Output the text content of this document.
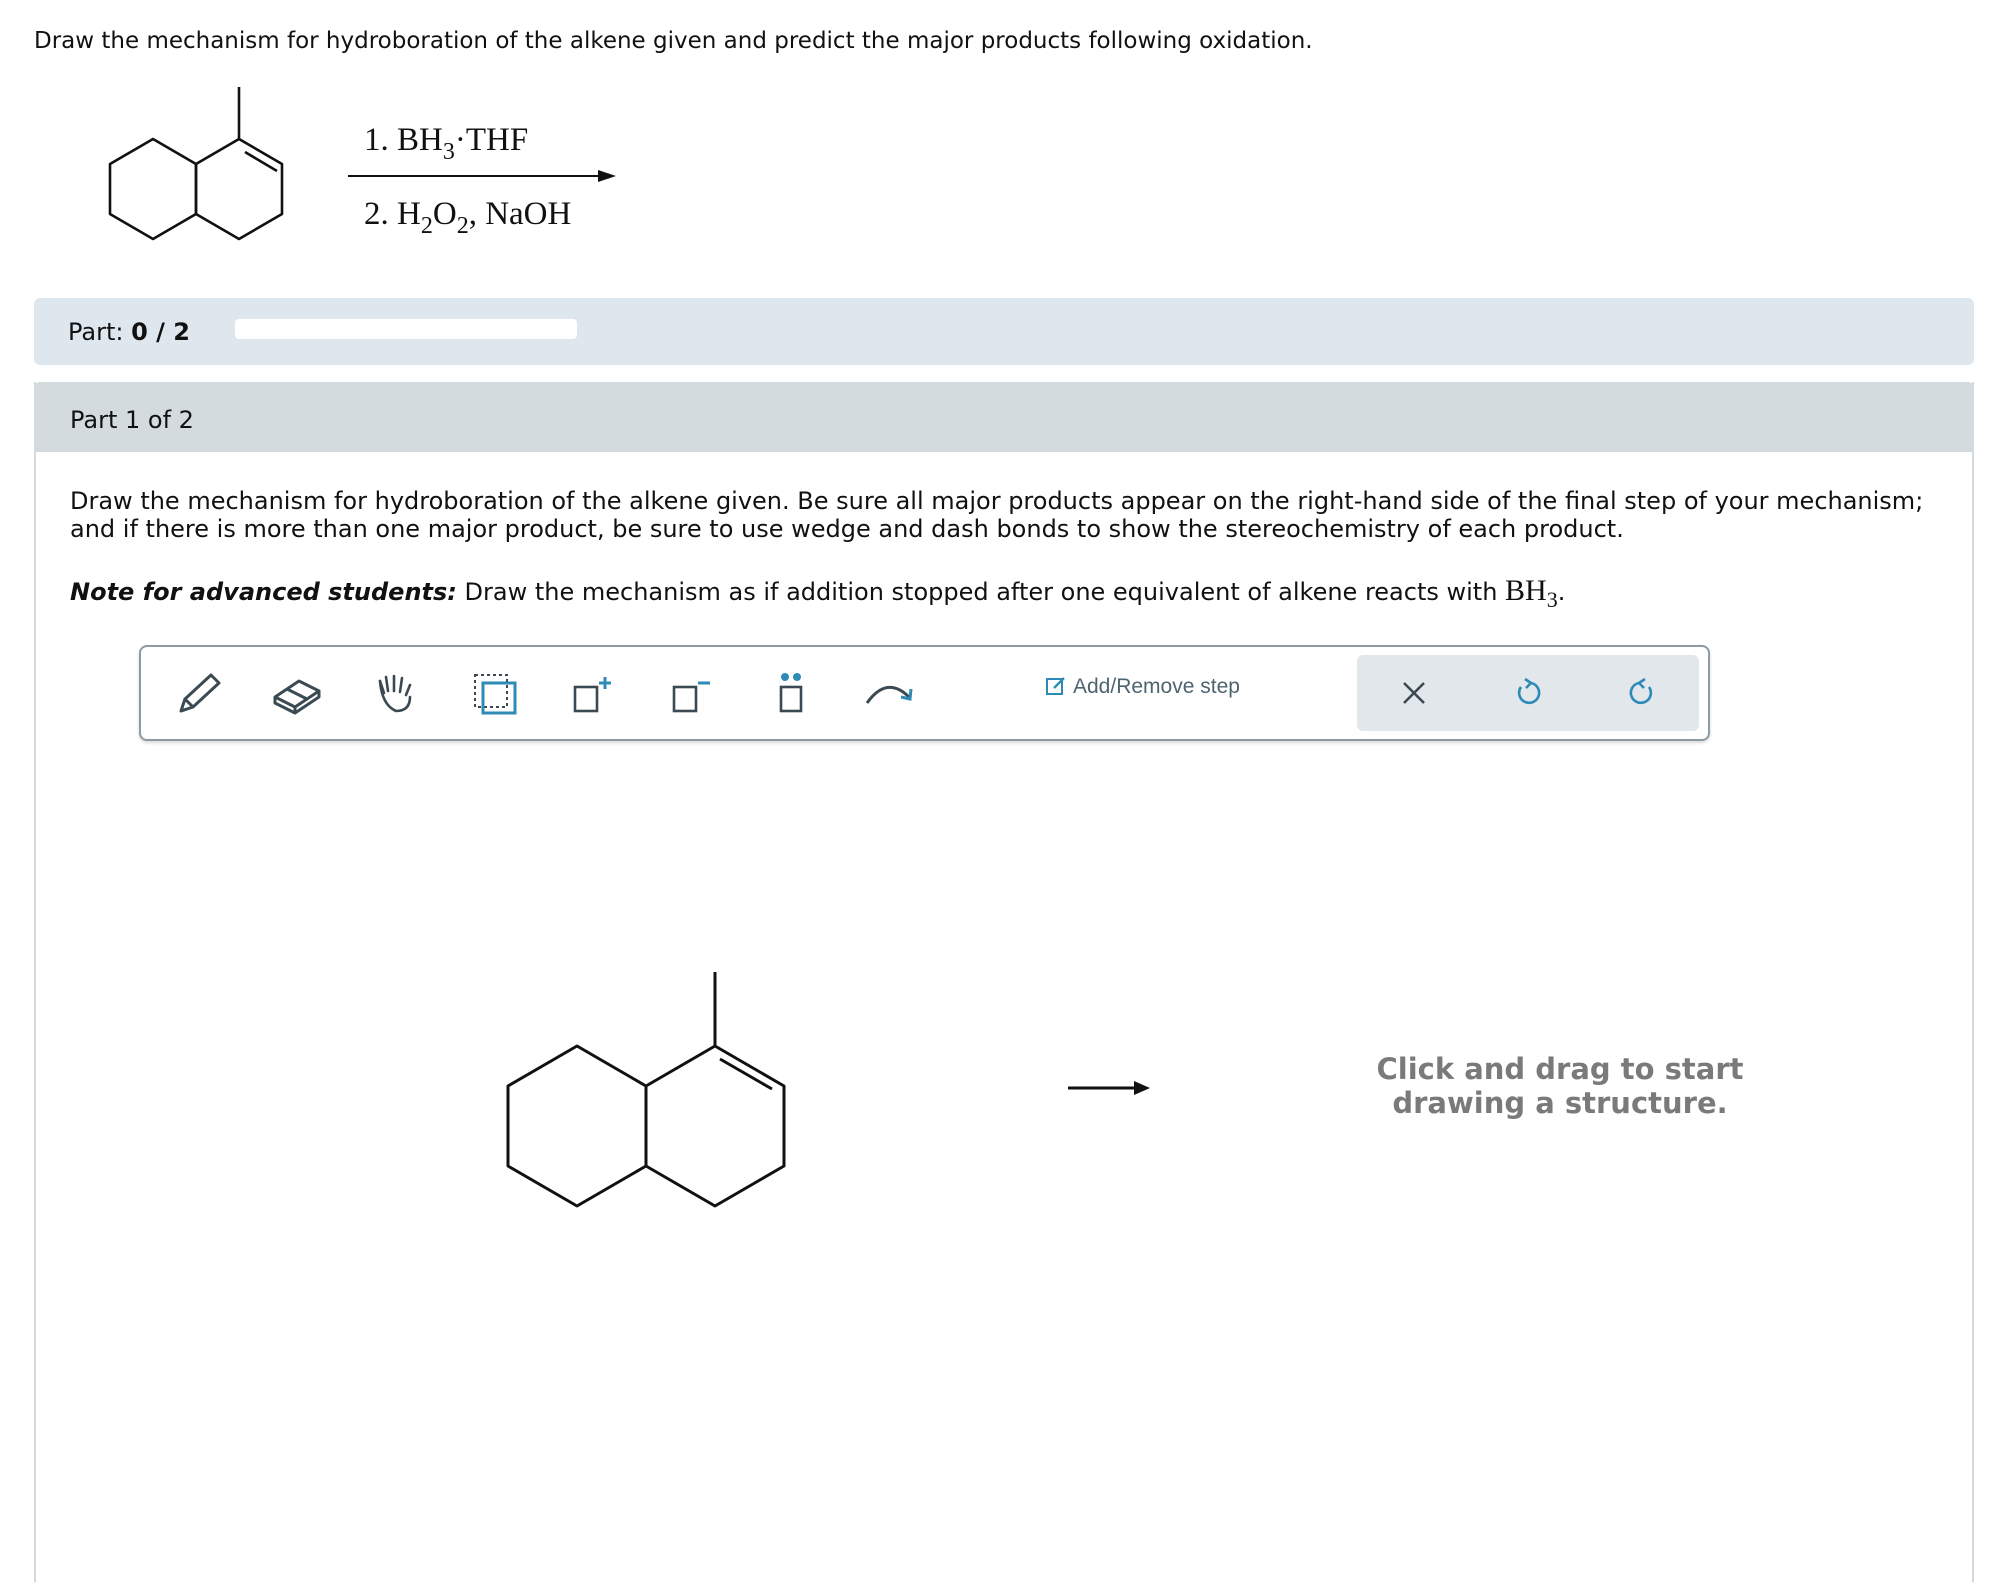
Draw the mechanism for hydroboration of the alkene given and predict the major products following oxidation.
1. $BH_3\cdot THF$
2. $H_2O_2$, NaOH
Part: 0 / 2
Part 1 of 2
Draw the mechanism for hydroboration of the alkene given. Be sure all major products appear on the right-hand side of the final step of your mechanism; and if there is more than one major product, be sure to use wedge and dash bonds to show the stereochemistry of each product.
Note for advanced students: Draw the mechanism as if addition stopped after one equivalent of alkene reacts with $BH_3$.
Add/Remove step
Click and drag to start
drawing a structure.
